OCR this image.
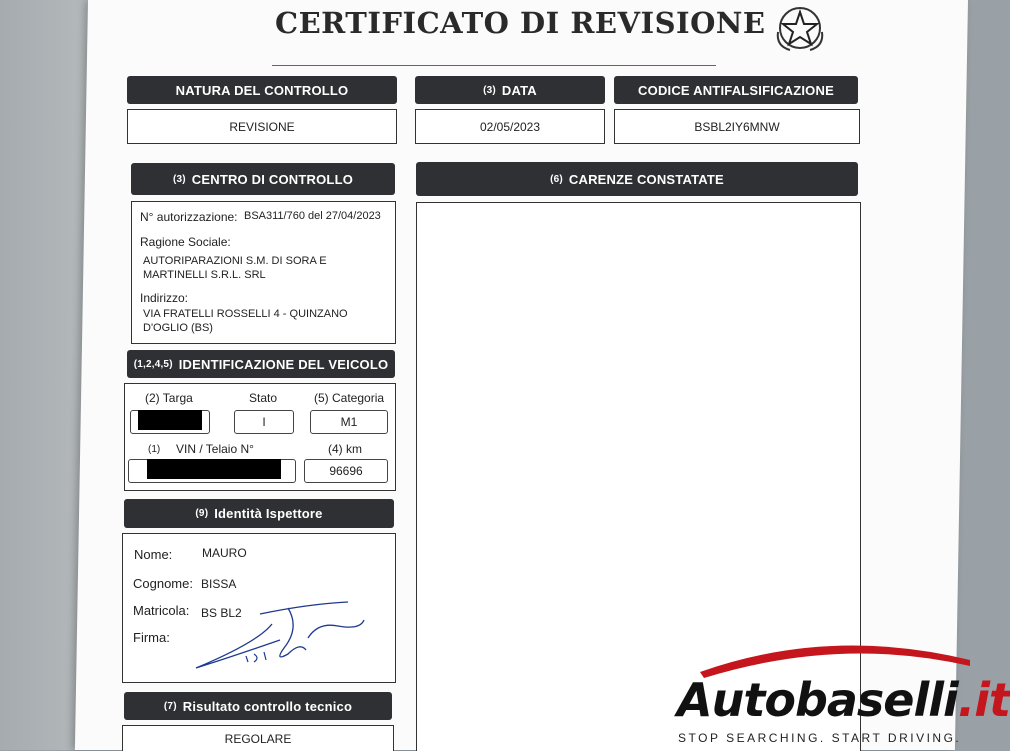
CERTIFICATO DI REVISIONE
NATURA DEL CONTROLLO
REVISIONE
(3) DATA
02/05/2023
CODICE ANTIFALSIFICAZIONE
BSBL2IY6MNW
(3) CENTRO DI CONTROLLO
N° autorizzazione: BSA311/760 del 27/04/2023
Ragione Sociale:
AUTORIPARAZIONI S.M. DI SORA E
MARTINELLI S.R.L. SRL
Indirizzo:
VIA FRATELLI ROSSELLI 4 - QUINZANO
D'OGLIO (BS)
(6) CARENZE CONSTATATE
(1,2,4,5) IDENTIFICAZIONE DEL VEICOLO
(2) Targa	Stato
I
(5) Categoria
M1
(1) VIN / Telaio N°	(4) km
96696
(9) Identità Ispettore
Nome: MAURO
Cognome: BISSA
Matricola: BS BL2
Firma:
(7) Risultato controllo tecnico
REGOLARE
Autobaselli.it
STOP SEARCHING. START DRIVING.
